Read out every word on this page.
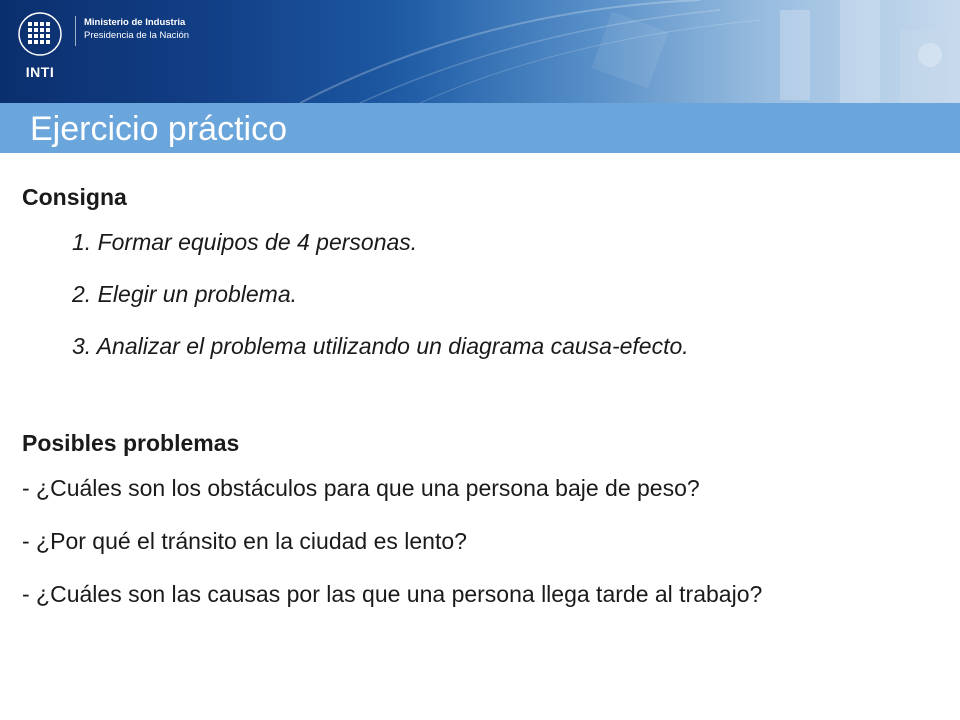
INTI
Ministerio de Industria
Presidencia de la Nación
Ejercicio práctico
Consigna
1. Formar equipos de 4 personas.
2. Elegir un problema.
3. Analizar el problema utilizando un diagrama causa-efecto.
Posibles problemas
- ¿Cuáles son los obstáculos para que una persona baje de peso?
- ¿Por qué el tránsito en la ciudad es lento?
- ¿Cuáles son las causas por las que una persona llega tarde al trabajo?
